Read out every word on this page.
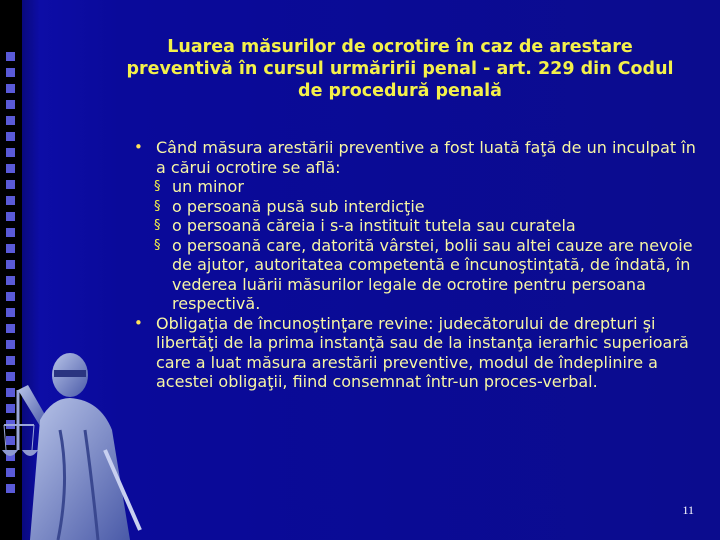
Luarea măsurilor de ocrotire în caz de arestare
preventivă în cursul urmăririi penal - art. 229 din Codul
de procedură penală
• Când măsura arestării preventive a fost luată faţă de un inculpat în a cărui ocrotire se află:
§ un minor
§ o persoană pusă sub interdicţie
§ o persoană căreia i s-a instituit tutela sau curatela
§ o persoană care, datorită vârstei, bolii sau altei cauze are nevoie de ajutor, autoritatea competentă e încunoştinţată, de îndată, în vederea luării măsurilor legale de ocrotire pentru persoana respectivă.
• Obligaţia de încunoştinţare revine: judecătorului de drepturi şi libertăţi de la prima instanţă sau de la instanţa ierarhic superioară care a luat măsura arestării preventive, modul de îndeplinire a acestei obligaţii, fiind consemnat într-un proces-verbal.
11
